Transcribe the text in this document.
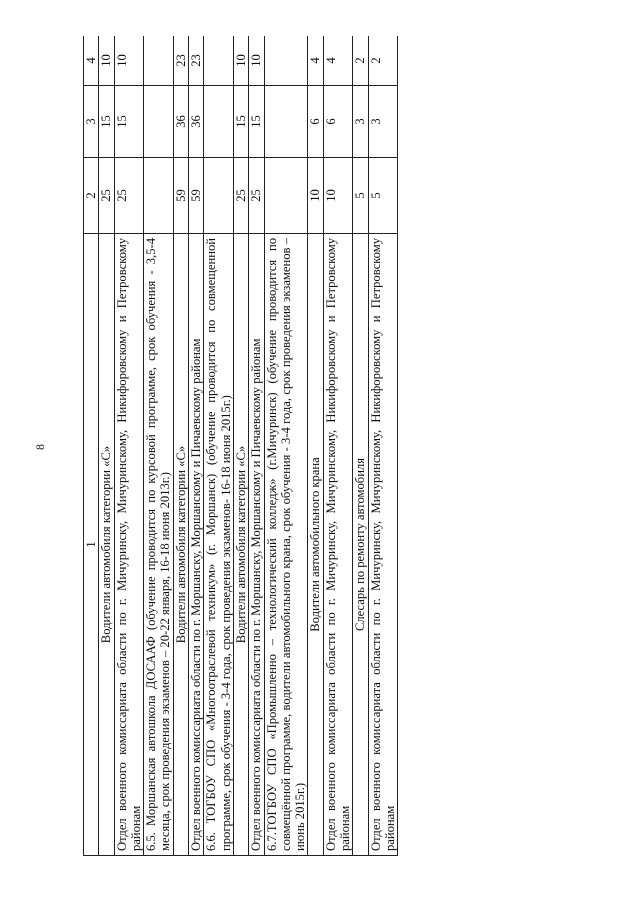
8
1	2	3	4
Водители автомобиля категории «С»	25	15	10
Отдел военного комиссариата области по г. Мичуринску, Мичуринскому, Никифоровскому и Петровскому районам	25	15	10
6.5. Моршанская автошкола ДОСААФ (обучение проводится по курсовой программе, срок обучения - 3,5-4 месяца, срок проведения экзаменов – 20-22 января, 16-18 июня 2013г.)			
Водители автомобиля категории «С»	59	36	23
Отдел военного комиссариата области по г. Моршанску, Моршанскому и Пичаевскому районам	59	36	23
6.6. ТОГБОУ СПО «Многоотраслевой техникум» (г. Моршанск) (обучение проводится по совмещенной программе, срок обучения - 3-4 года, срок проведения экзаменов- 16-18 июня 2015г.)			
Водители автомобиля категории «С»	25	15	10
Отдел военного комиссариата области по г. Моршанску, Моршанскому и Пичаевскому районам	25	15	10
6.7.ТОГБОУ СПО «Промышленно – технологический колледж» (г.Мичуринск) (обучение проводится по совмещённой программе, водители автомобильного крана, срок обучения - 3-4 года, срок проведения экзаменов – июнь 2015г.)			
Водители автомобильного крана	10	6	4
Отдел военного комиссариата области по г. Мичуринску, Мичуринскому, Никифоровскому и Петровскому районам	10	6	4
Слесарь по ремонту автомобиля	5	3	2
Отдел военного комиссариата области по г. Мичуринску, Мичуринскому, Никифоровскому и Петровскому районам	5	3	2
